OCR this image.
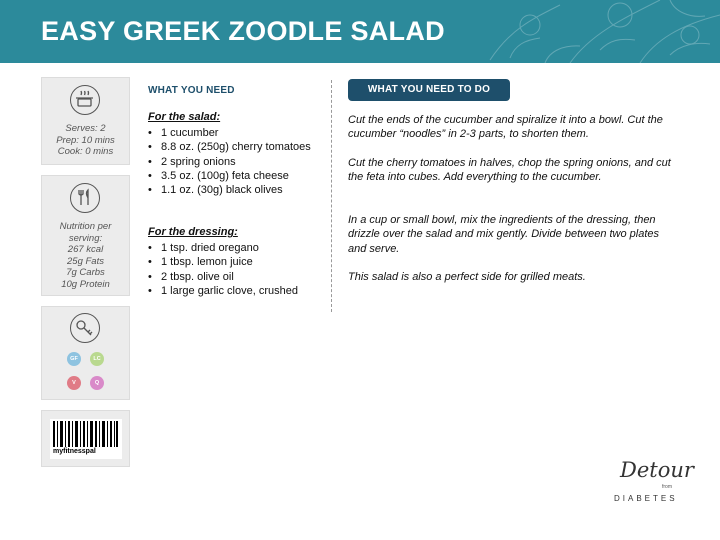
EASY GREEK ZOODLE SALAD
Serves: 2
Prep: 10 mins
Cook: 0 mins
Nutrition per
serving:
267 kcal
25g Fats
7g Carbs
10g Protein
GF	LC
V	Q
myfitnesspal
WHAT YOU NEED
For the salad:
• 1 cucumber
• 8.8 oz. (250g) cherry tomatoes
• 2 spring onions
• 3.5 oz. (100g) feta cheese
• 1.1 oz. (30g) black olives
For the dressing:
• 1 tsp. dried oregano
• 1 tbsp. lemon juice
• 2 tbsp. olive oil
• 1 large garlic clove, crushed
WHAT YOU NEED TO DO
Cut the ends of the cucumber and spiralize it into a bowl. Cut the cucumber “noodles” in 2-3 parts, to shorten them.
Cut the cherry tomatoes in halves, chop the spring onions, and cut the feta into cubes. Add everything to the cucumber.
In a cup or small bowl, mix the ingredients of the dressing, then drizzle over the salad and mix gently. Divide between two plates and serve.
This salad is also a perfect side for grilled meats.
Detour
from
DIABETES
